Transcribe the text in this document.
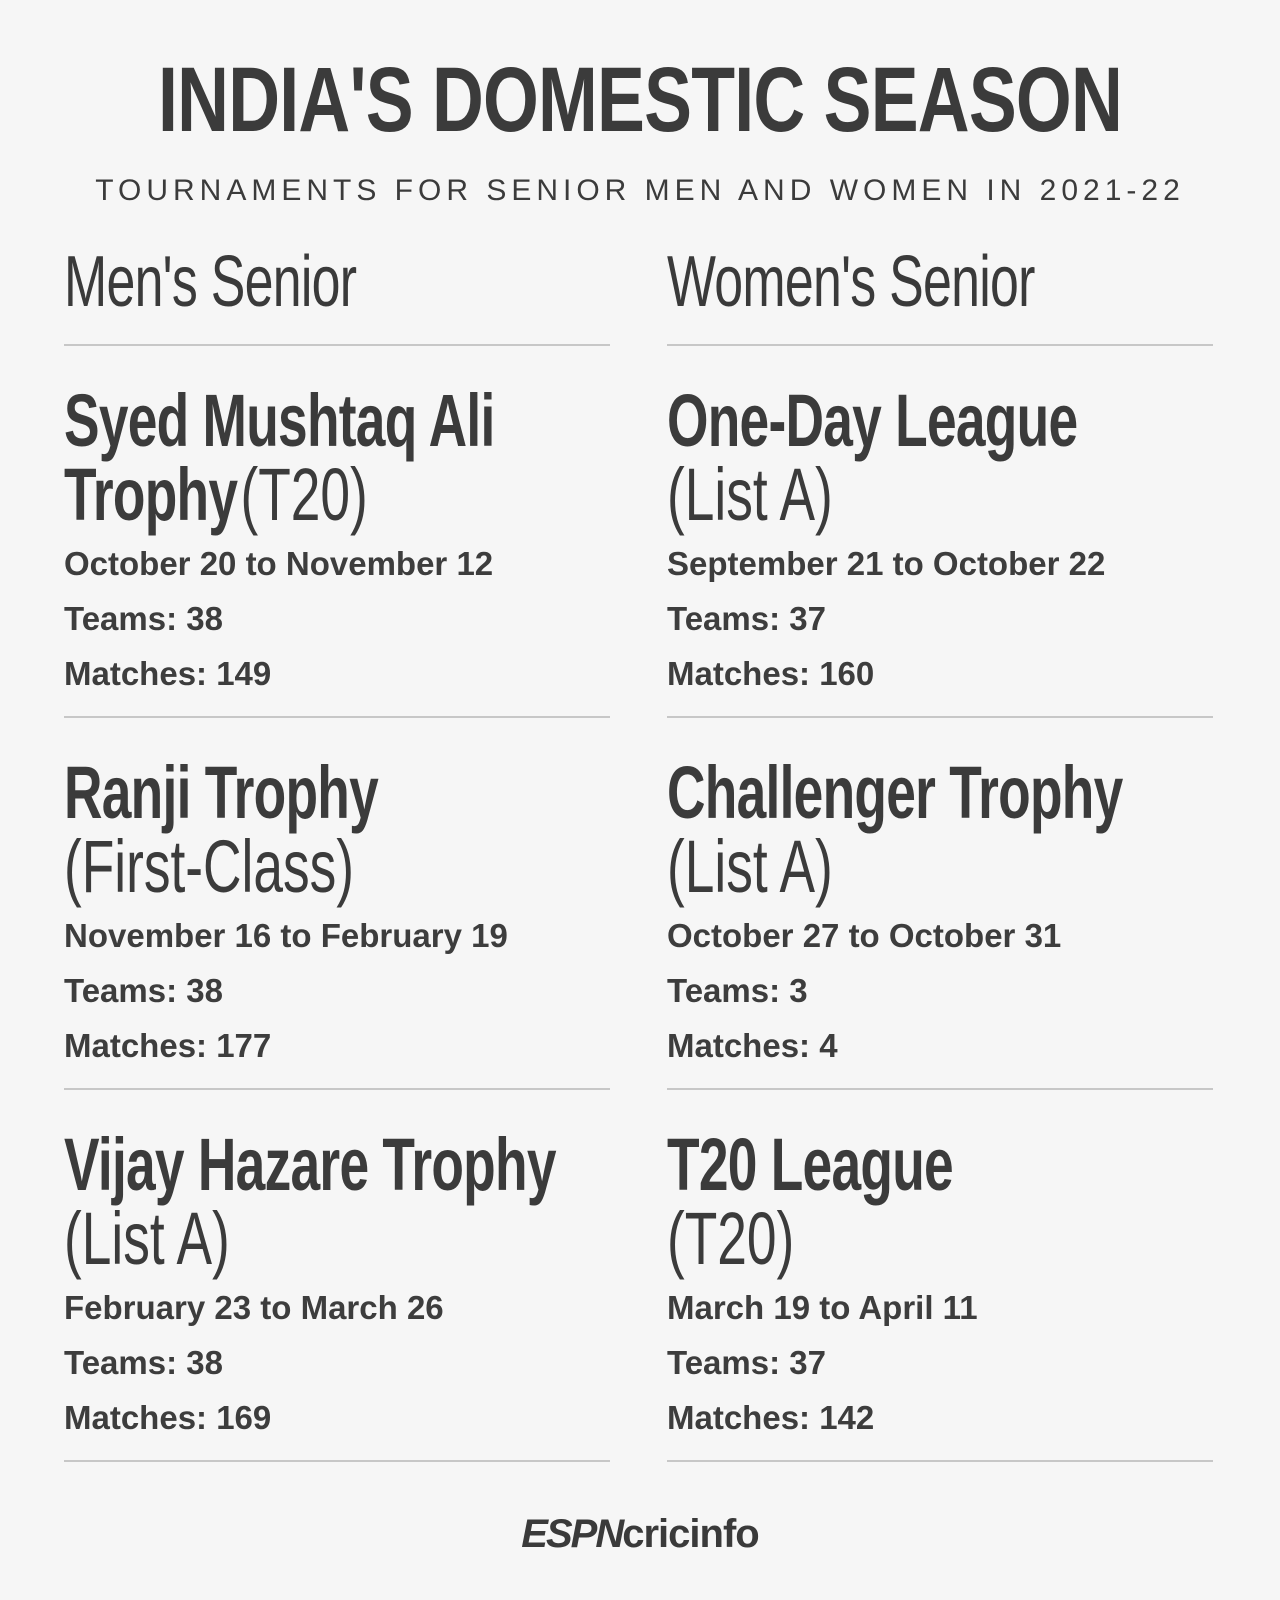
INDIA'S DOMESTIC SEASON
TOURNAMENTS FOR SENIOR MEN AND WOMEN IN 2021-22
Men's Senior
Syed Mushtaq Ali Trophy (T20)
October 20 to November 12
Teams: 38
Matches: 149
Ranji Trophy
(First-Class)
November 16 to February 19
Teams: 38
Matches: 177
Vijay Hazare Trophy
(List A)
February 23 to March 26
Teams: 38
Matches: 169
Women's Senior
One-Day League
(List A)
September 21 to October 22
Teams: 37
Matches: 160
Challenger Trophy
(List A)
October 27 to October 31
Teams: 3
Matches: 4
T20 League
(T20)
March 19 to April 11
Teams: 37
Matches: 142
ESPNcricinfo
